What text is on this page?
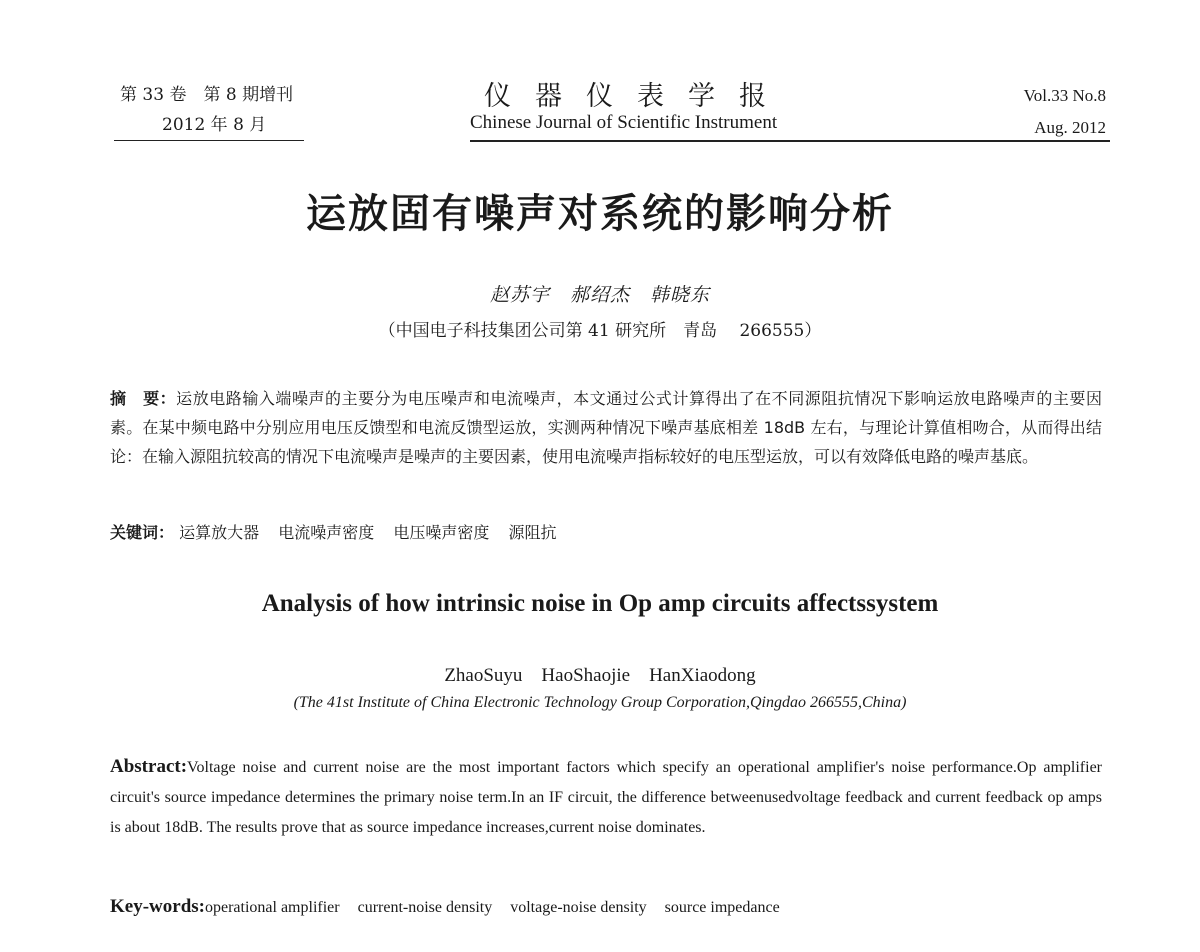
第 33 卷　第 8 期增刊
2012 年 8 月
仪器仪表学报
Chinese Journal of Scientific Instrument
Vol.33 No.8
Aug. 2012
运放固有噪声对系统的影响分析
赵苏宇　郝绍杰　韩晓东
（中国电子科技集团公司第 41 研究所　青岛　 266555）
摘　要：运放电路输入端噪声的主要分为电压噪声和电流噪声，本文通过公式计算得出了在不同源阻抗情况下影响运放电路噪声的主要因素。在某中频电路中分别应用电压反馈型和电流反馈型运放，实测两种情况下噪声基底相差 18dB 左右，与理论计算值相吻合，从而得出结论：在输入源阻抗较高的情况下电流噪声是噪声的主要因素，使用电流噪声指标较好的电压型运放，可以有效降低电路的噪声基底。
关键词： 运算放大器 电流噪声密度 电压噪声密度 源阻抗
Analysis of how intrinsic noise in Op amp circuits affectssystem
ZhaoSuyu　HaoShaojie　HanXiaodong
(The 41st Institute of China Electronic Technology Group Corporation,Qingdao 266555,China)
Abstract:Voltage noise and current noise are the most important factors which specify an operational amplifier's noise performance.Op amplifier circuit's source impedance determines the primary noise term.In an IF circuit, the difference betweenusedvoltage feedback and current feedback op amps is about 18dB. The results prove that as source impedance increases,current noise dominates.
Key-words:operational amplifier current-noise density voltage-noise density source impedance
